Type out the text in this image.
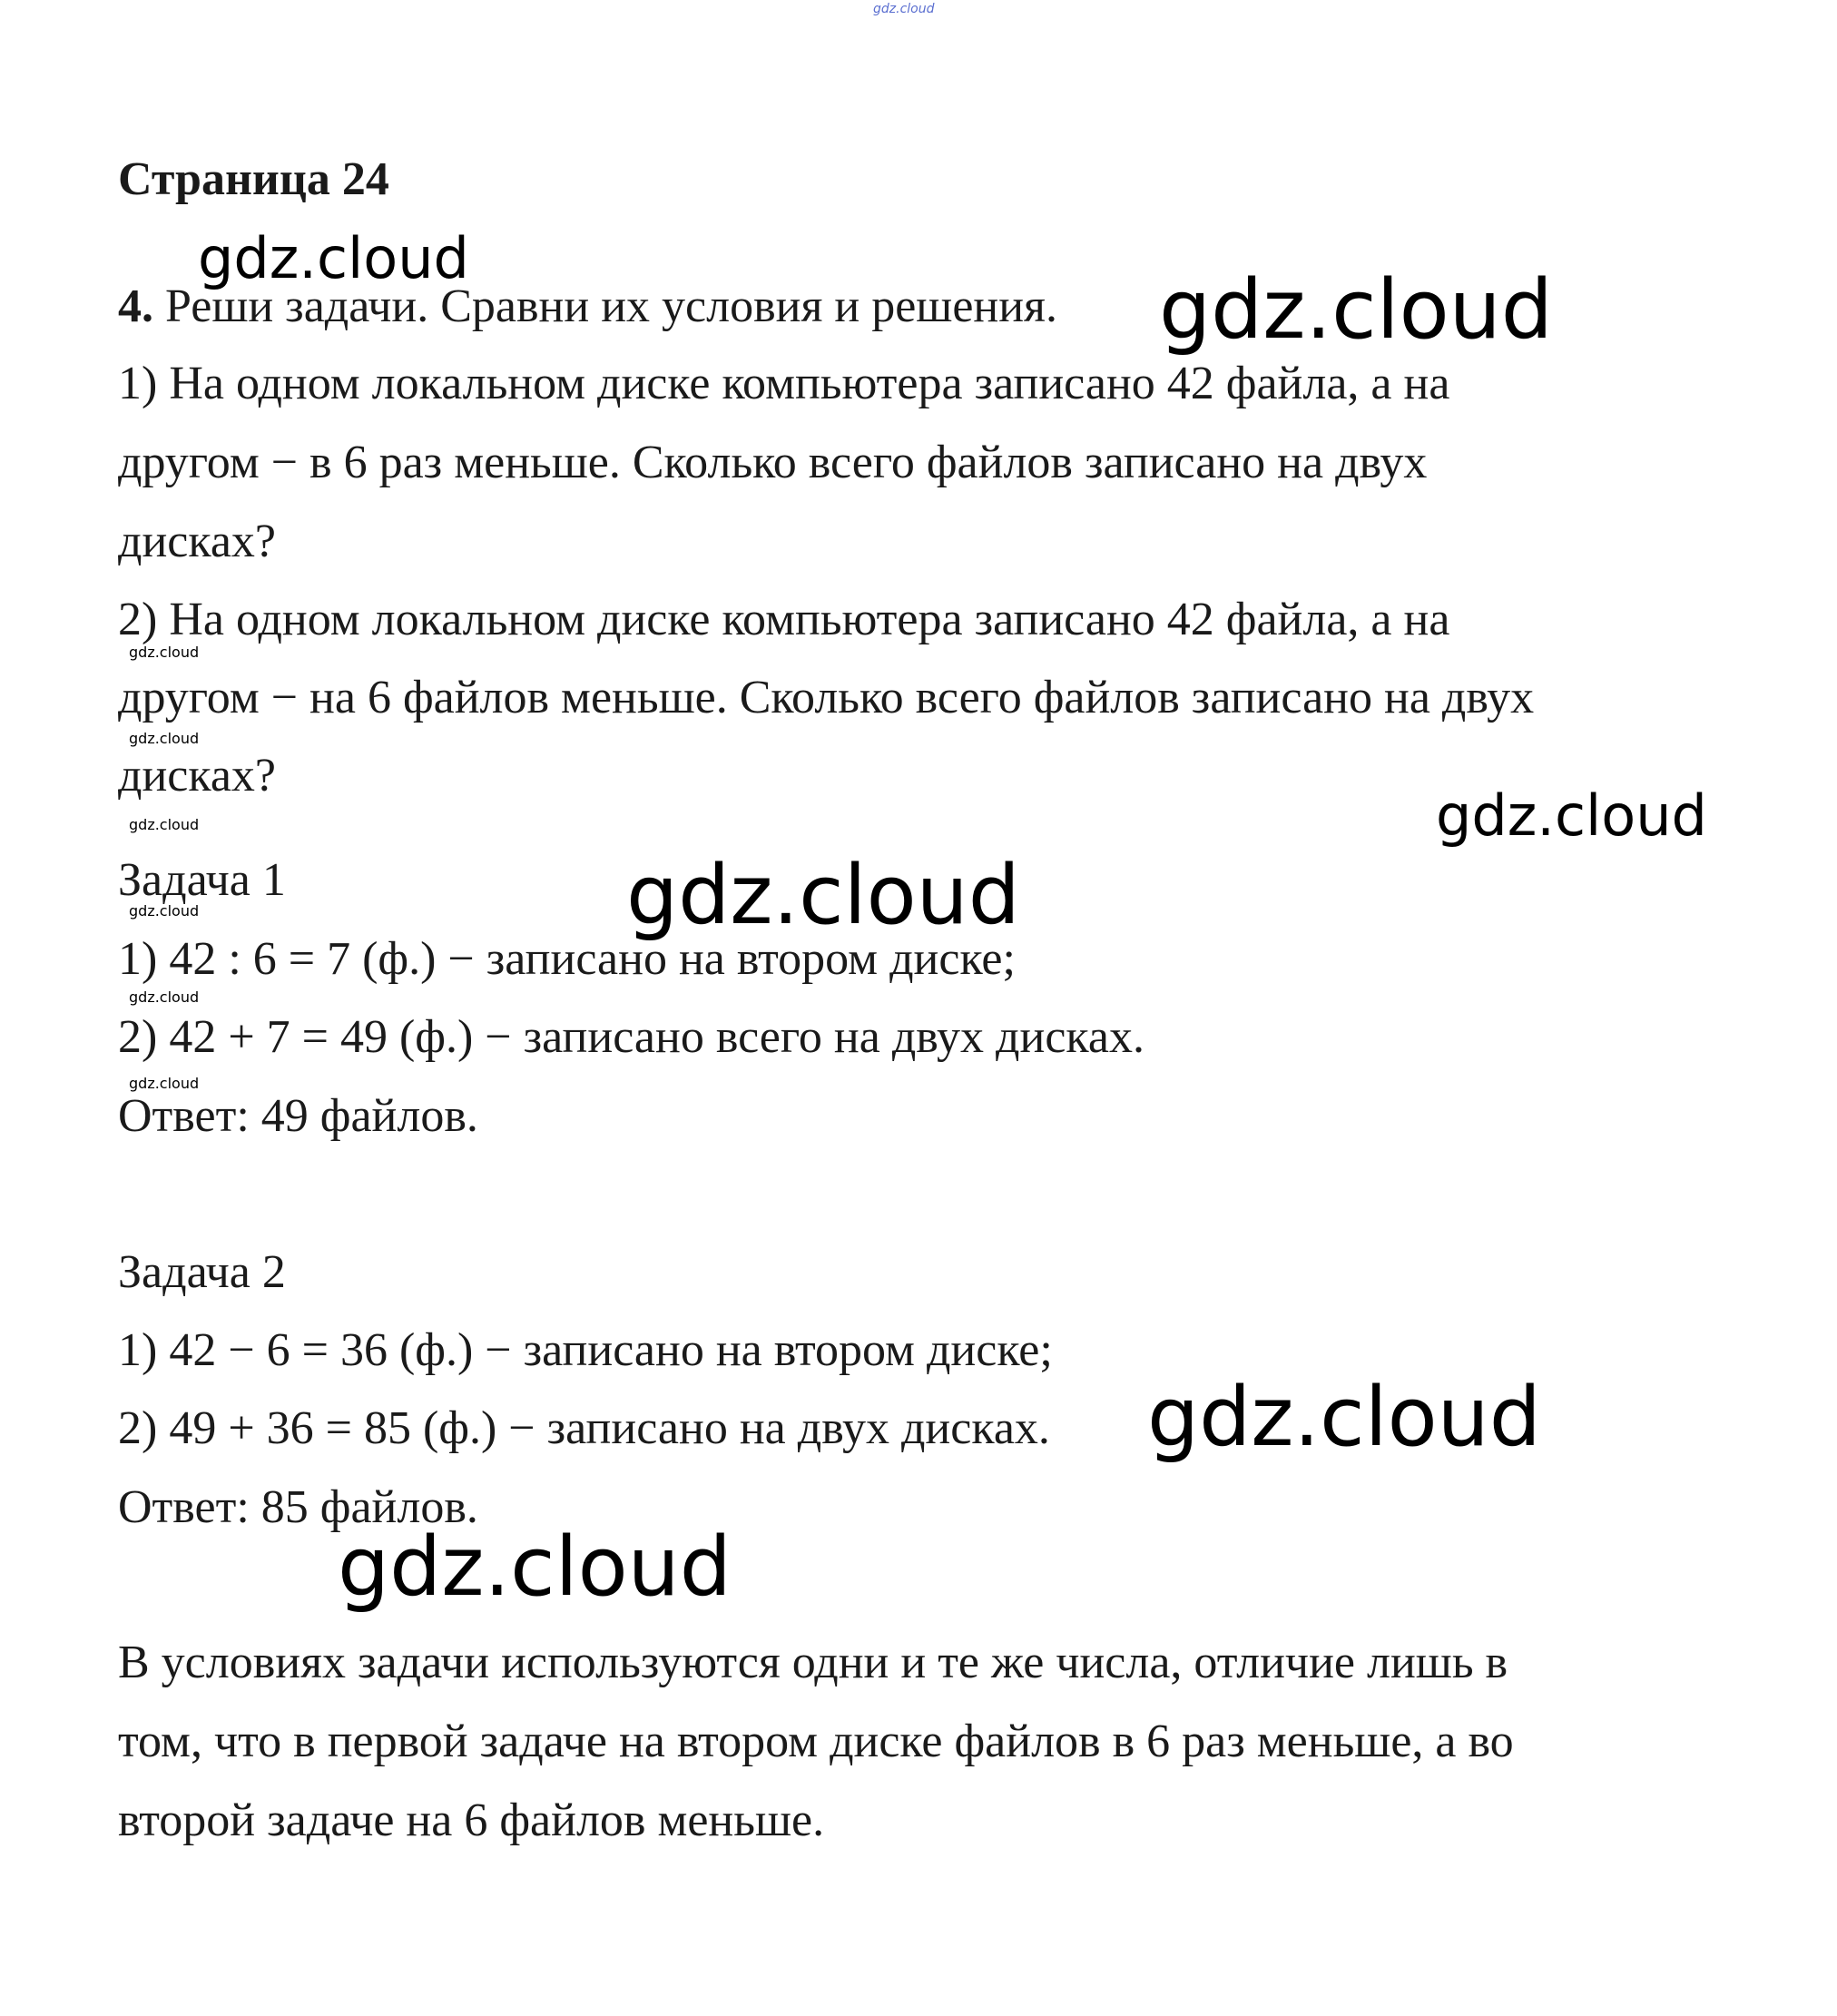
gdz.cloud
Страница 24
4. Реши задачи. Сравни их условия и решения.
1) На одном локальном диске компьютера записано 42 файла, а на
другом − в 6 раз меньше. Сколько всего файлов записано на двух
дисках?
2) На одном локальном диске компьютера записано 42 файла, а на
другом − на 6 файлов меньше. Сколько всего файлов записано на двух
дисках?
Задача 1
1) 42 : 6 = 7 (ф.) − записано на втором диске;
2) 42 + 7 = 49 (ф.) − записано всего на двух дисках.
Ответ: 49 файлов.
Задача 2
1) 42 − 6 = 36 (ф.) − записано на втором диске;
2) 49 + 36 = 85 (ф.) − записано на двух дисках.
Ответ: 85 файлов.
В условиях задачи используются одни и те же числа, отличие лишь в
том, что в первой задаче на втором диске файлов в 6 раз меньше, а во
второй задаче на 6 файлов меньше.
gdz.cloud
gdz.cloud
gdz.cloud
gdz.cloud
gdz.cloud
gdz.cloud
gdz.cloud
gdz.cloud
gdz.cloud
gdz.cloud
gdz.cloud
gdz.cloud
